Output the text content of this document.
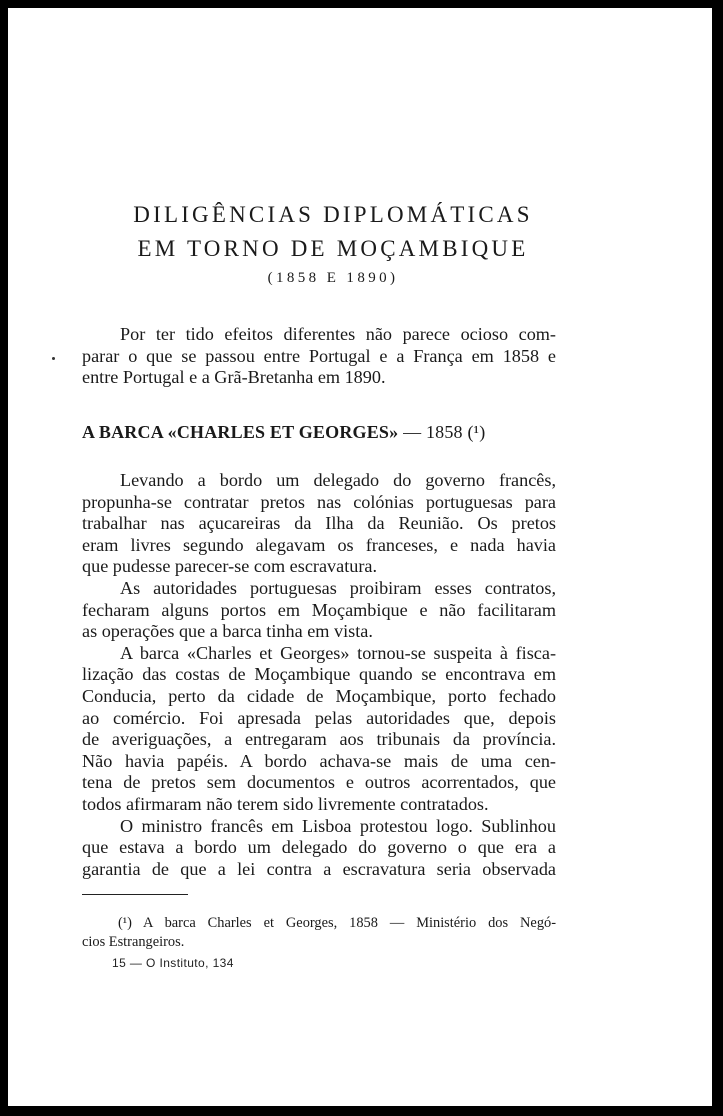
DILIGÊNCIAS DIPLOMÁTICAS
EM TORNO DE MOÇAMBIQUE
(1858 E 1890)
Por ter tido efeitos diferentes não parece ocioso com-
parar o que se passou entre Portugal e a França em 1858 e
entre Portugal e a Grã-Bretanha em 1890.
A BARCA «CHARLES ET GEORGES» — 1858 (¹)
Levando a bordo um delegado do governo francês,
propunha-se contratar pretos nas colónias portuguesas para
trabalhar nas açucareiras da Ilha da Reunião. Os pretos
eram livres segundo alegavam os franceses, e nada havia
que pudesse parecer-se com escravatura.
As autoridades portuguesas proibiram esses contratos,
fecharam alguns portos em Moçambique e não facilitaram
as operações que a barca tinha em vista.
A barca «Charles et Georges» tornou-se suspeita à fisca-
lização das costas de Moçambique quando se encontrava em
Conducia, perto da cidade de Moçambique, porto fechado
ao comércio. Foi apresada pelas autoridades que, depois
de averiguações, a entregaram aos tribunais da província.
Não havia papéis. A bordo achava-se mais de uma cen-
tena de pretos sem documentos e outros acorrentados, que
todos afirmaram não terem sido livremente contratados.
O ministro francês em Lisboa protestou logo. Sublinhou
que estava a bordo um delegado do governo o que era a
garantia de que a lei contra a escravatura seria observada
(¹) A barca Charles et Georges, 1858 — Ministério dos Negó-
cios Estrangeiros.
15 — O Instituto, 134
